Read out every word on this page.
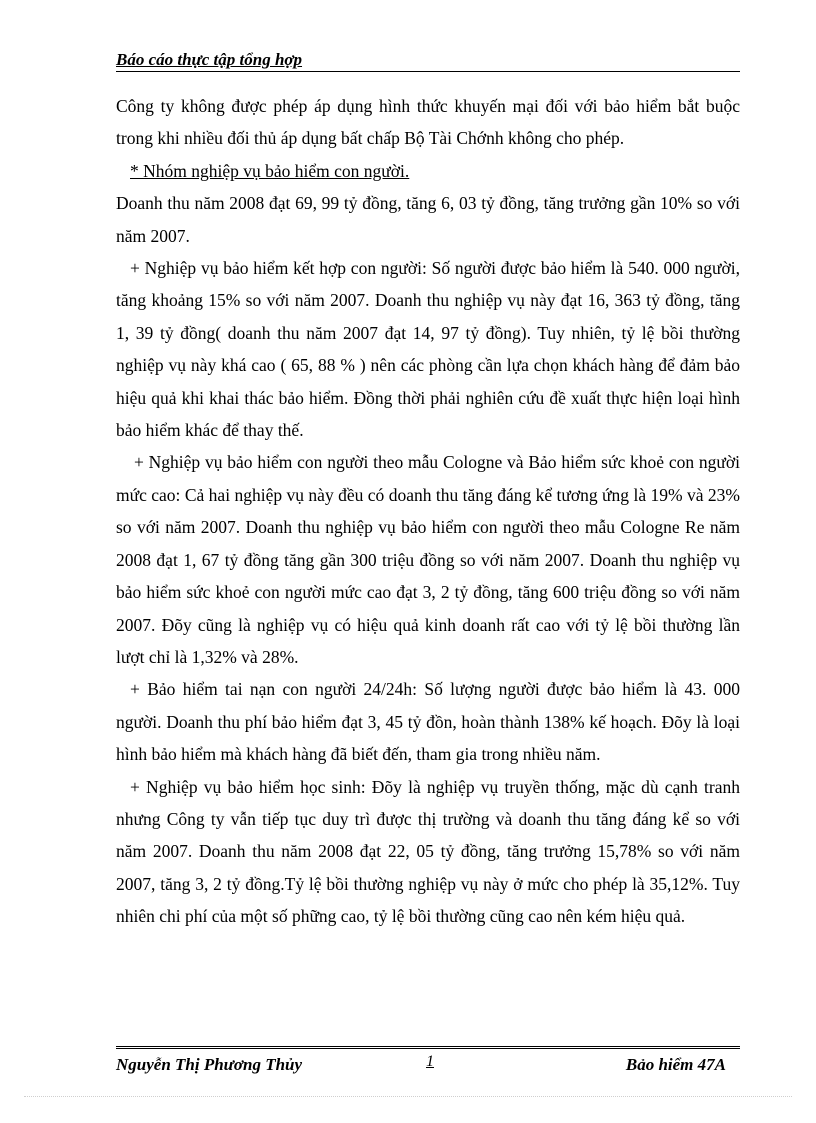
Báo cáo thực tập tổng hợp

Công ty không được phép áp dụng hình thức khuyến mại đối với bảo hiểm bắt buộc trong khi nhiều đối thủ áp dụng bất chấp Bộ Tài Chớnh không cho phép.

* Nhóm nghiệp vụ bảo hiểm con người.

Doanh thu năm 2008 đạt 69, 99 tỷ đồng, tăng 6, 03 tỷ đồng, tăng trưởng gần 10% so với năm 2007.

+ Nghiệp vụ bảo hiểm kết hợp con người: Số người được bảo hiểm là 540. 000 người, tăng khoảng 15% so với năm 2007. Doanh thu nghiệp vụ này đạt 16, 363 tỷ đồng, tăng 1, 39 tỷ đồng( doanh thu năm 2007 đạt 14, 97 tỷ đồng). Tuy nhiên, tỷ lệ bồi thường nghiệp vụ này khá cao ( 65, 88 % ) nên các phòng cần lựa chọn khách hàng để đảm bảo hiệu quả khi khai thác bảo hiểm. Đồng thời phải nghiên cứu đề xuất thực hiện loại hình bảo hiểm khác để thay thế.

+ Nghiệp vụ bảo hiểm con người theo mẫu Cologne và Bảo hiểm sức khoẻ con người mức cao: Cả hai nghiệp vụ này đều có doanh thu tăng đáng kể tương ứng là 19% và 23% so với năm 2007. Doanh thu nghiệp vụ bảo hiểm con người theo mẫu Cologne Re năm 2008 đạt 1, 67 tỷ đồng tăng gần 300 triệu đồng so với năm 2007. Doanh thu nghiệp vụ bảo hiểm sức khoẻ con người mức cao đạt 3, 2 tỷ đồng, tăng 600 triệu đồng so với năm 2007. Đõy cũng là nghiệp vụ có hiệu quả kinh doanh rất cao với tỷ lệ bồi thường lần lượt chỉ là 1,32% và 28%.

+ Bảo hiểm tai nạn con người 24/24h: Số lượng người được bảo hiểm là 43. 000 người. Doanh thu phí bảo hiểm đạt 3, 45 tỷ đồn, hoàn thành 138% kế hoạch. Đõy là loại hình bảo hiểm mà khách hàng đã biết đến, tham gia trong nhiều năm.

+ Nghiệp vụ bảo hiểm học sinh: Đõy là nghiệp vụ truyền thống, mặc dù cạnh tranh nhưng Công ty vẫn tiếp tục duy trì được thị trường và doanh thu tăng đáng kể so với năm 2007. Doanh thu năm 2008 đạt 22, 05 tỷ đồng, tăng trưởng 15,78% so với năm 2007, tăng 3, 2 tỷ đồng.Tỷ lệ bồi thường nghiệp vụ này ở mức cho phép là 35,12%. Tuy nhiên chi phí của một số phững cao, tỷ lệ bồi thường cũng cao nên kém hiệu quả.

Nguyễn Thị Phương Thủy	1	Bảo hiểm 47A
